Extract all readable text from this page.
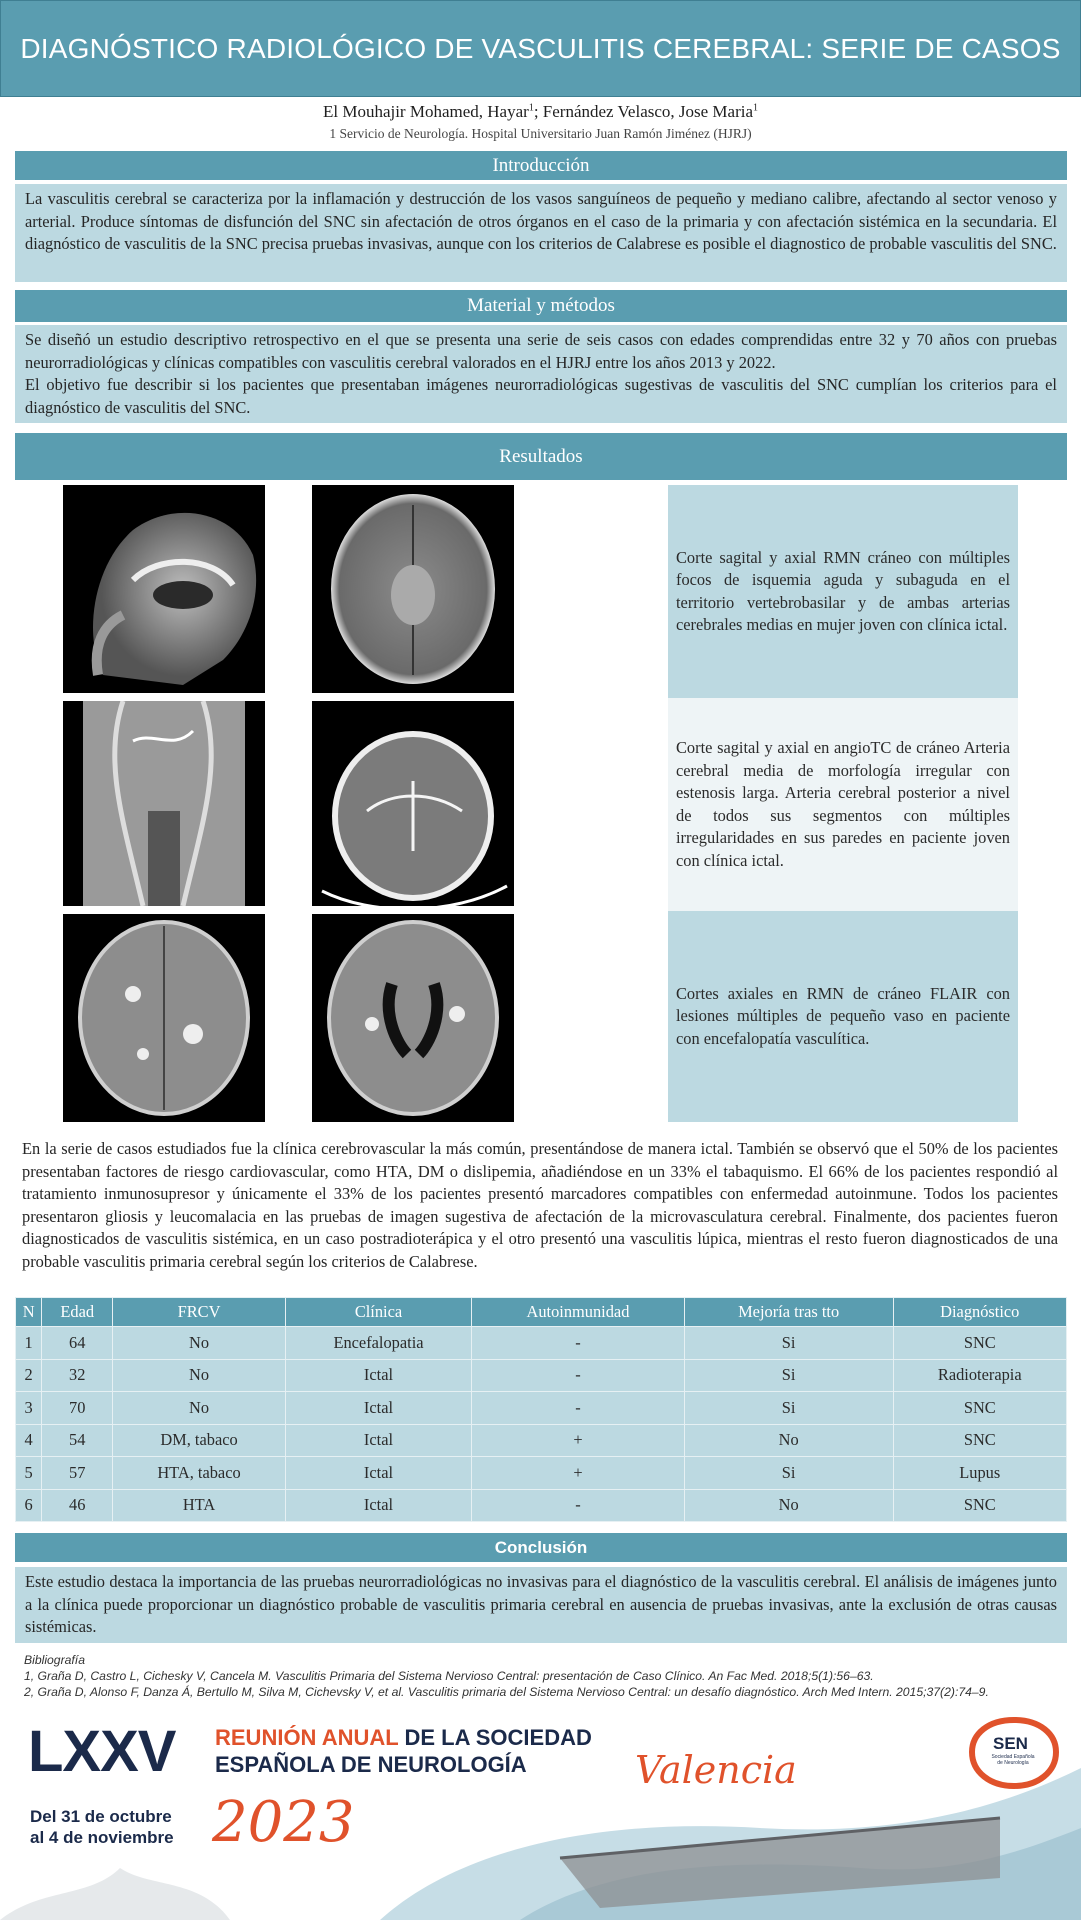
DIAGNÓSTICO RADIOLÓGICO DE VASCULITIS CEREBRAL: SERIE DE CASOS
El Mouhajir Mohamed, Hayar$^1$; Fernández Velasco, Jose Maria$^1$
1 Servicio de Neurología. Hospital Universitario Juan Ramón Jiménez (HJRJ)
Introducción
La vasculitis cerebral se caracteriza por la inflamación y destrucción de los vasos sanguíneos de pequeño y mediano calibre, afectando al sector venoso y arterial. Produce síntomas de disfunción del SNC sin afectación de otros órganos en el caso de la primaria y con afectación sistémica en la secundaria. El diagnóstico de vasculitis de la SNC precisa pruebas invasivas, aunque con los criterios de Calabrese es posible el diagnostico de probable vasculitis del SNC.
Material y métodos
Se diseñó un estudio descriptivo retrospectivo en el que se presenta una serie de seis casos con edades comprendidas entre 32 y 70 años con pruebas neurorradiológicas y clínicas compatibles con vasculitis cerebral valorados en el HJRJ entre los años 2013 y 2022.
El objetivo fue describir si los pacientes que presentaban imágenes neurorradiológicas sugestivas de vasculitis del SNC cumplían los criterios para el diagnóstico de vasculitis del SNC.
Resultados
Corte sagital y axial RMN cráneo con múltiples focos de isquemia aguda y subaguda en el territorio vertebrobasilar y de ambas arterias cerebrales medias en mujer joven con clínica ictal.
Corte sagital y axial en angioTC de cráneo Arteria cerebral media de morfología irregular con estenosis larga. Arteria cerebral posterior a nivel de todos sus segmentos con múltiples irregularidades en sus paredes en paciente joven con clínica ictal.
Cortes axiales en RMN de cráneo FLAIR con lesiones múltiples de pequeño vaso en paciente con encefalopatía vasculítica.
En la serie de casos estudiados fue la clínica cerebrovascular la más común, presentándose de manera ictal. También se observó que el 50% de los pacientes presentaban factores de riesgo cardiovascular, como HTA, DM o dislipemia, añadiéndose en un 33% el tabaquismo. El 66% de los pacientes respondió al tratamiento inmunosupresor y únicamente el 33% de los pacientes presentó marcadores compatibles con enfermedad autoinmune. Todos los pacientes presentaron gliosis y leucomalacia en las pruebas de imagen sugestiva de afectación de la microvasculatura cerebral. Finalmente, dos pacientes fueron diagnosticados de vasculitis sistémica, en un caso postradioterápica y el otro presentó una vasculitis lúpica, mientras el resto fueron diagnosticados de una probable vasculitis primaria cerebral según los criterios de Calabrese.
N	Edad	FRCV	Clínica	Autoinmunidad	Mejoría tras tto	Diagnóstico
1	64	No	Encefalopatia	-	Si	SNC
2	32	No	Ictal	-	Si	Radioterapia
3	70	No	Ictal	-	Si	SNC
4	54	DM, tabaco	Ictal	+	No	SNC
5	57	HTA, tabaco	Ictal	+	Si	Lupus
6	46	HTA	Ictal	-	No	SNC
Conclusión
Este estudio destaca la importancia de las pruebas neurorradiológicas no invasivas para el diagnóstico de la vasculitis cerebral. El análisis de imágenes junto a la clínica puede proporcionar un diagnóstico probable de vasculitis primaria cerebral en ausencia de pruebas invasivas, ante la exclusión de otras causas sistémicas.
Bibliografía
1, Graña D, Castro L, Cichesky V, Cancela M. Vasculitis Primaria del Sistema Nervioso Central: presentación de Caso Clínico. An Fac Med. 2018;5(1):56–63.
2, Graña D, Alonso F, Danza Á, Bertullo M, Silva M, Cichevsky V, et al. Vasculitis primaria del Sistema Nervioso Central: un desafío diagnóstico. Arch Med Intern. 2015;37(2):74–9.
LXXV REUNIÓN ANUAL DE LA SOCIEDAD
ESPAÑOLA DE NEUROLOGÍA	Valencia
Del 31 de octubre
al 4 de noviembre 2023
SEN
Sociedad Española de Neurología
